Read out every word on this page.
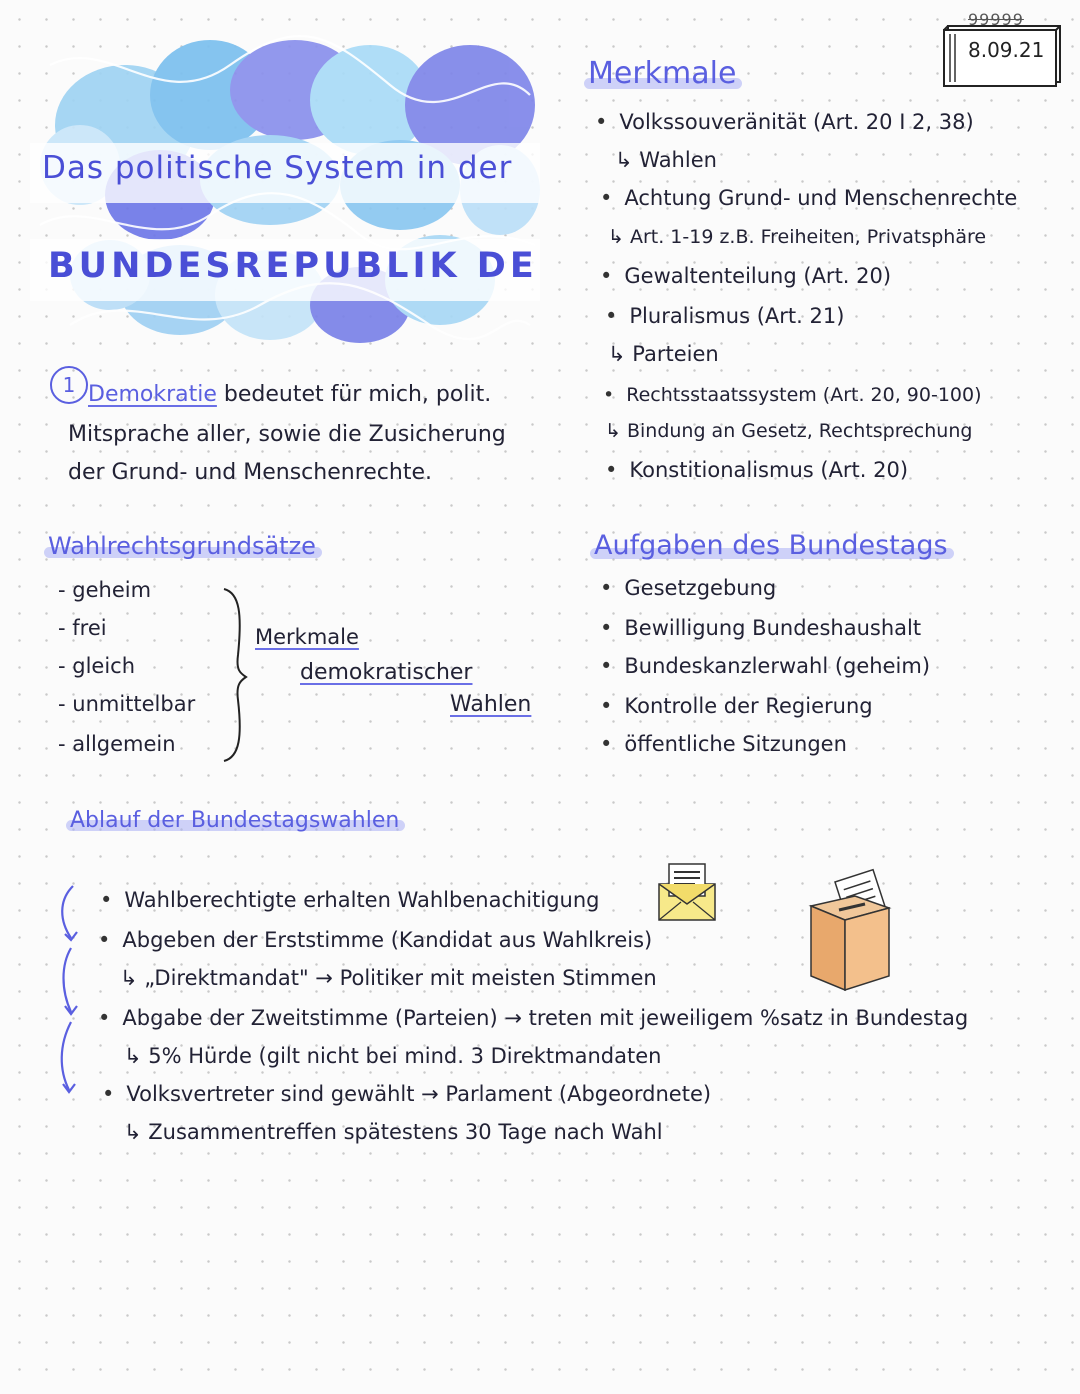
Das politische System in der
BUNDESREPUBLIK DE
99999
8.09.21
Merkmale
• Volkssouveränität (Art. 20 I 2, 38)
↳ Wahlen
• Achtung Grund- und Menschenrechte
↳ Art. 1-19 z.B. Freiheiten, Privatsphäre
• Gewaltenteilung (Art. 20)
• Pluralismus (Art. 21)
↳ Parteien
• Rechtsstaatssystem (Art. 20, 90-100)
↳ Bindung an Gesetz, Rechtsprechung
• Konstitionalismus (Art. 20)
1 Demokratie bedeutet für mich, polit.
Mitsprache aller, sowie die Zusicherung
der Grund- und Menschenrechte.
Wahlrechtsgrundsätze
- geheim
- frei
- gleich
- unmittelbar
- allgemein
Merkmale
demokratischer
Wahlen
Aufgaben des Bundestags
• Gesetzgebung
• Bewilligung Bundeshaushalt
• Bundeskanzlerwahl (geheim)
• Kontrolle der Regierung
• öffentliche Sitzungen
Ablauf der Bundestagswahlen
• Wahlberechtigte erhalten Wahlbenachitigung
• Abgeben der Erststimme (Kandidat aus Wahlkreis)
↳ „Direktmandat" → Politiker mit meisten Stimmen
• Abgabe der Zweitstimme (Parteien) → treten mit jeweiligem %satz in Bundestag
↳ 5% Hürde (gilt nicht bei mind. 3 Direktmandaten
• Volksvertreter sind gewählt → Parlament (Abgeordnete)
↳ Zusammentreffen spätestens 30 Tage nach Wahl
